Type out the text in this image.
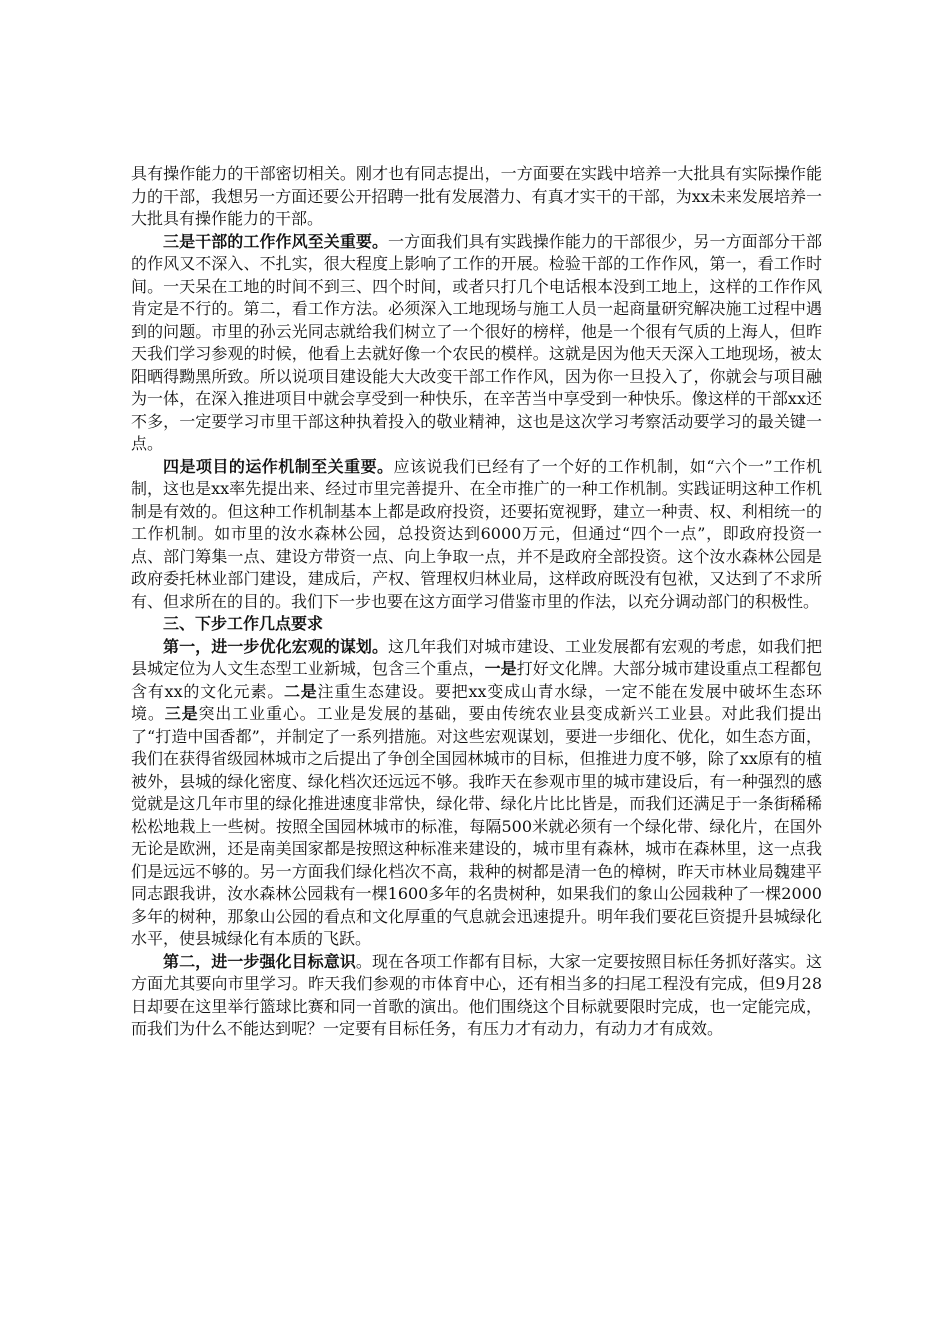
具有操作能力的干部密切相关。刚才也有同志提出，一方面要在实践中培养一大批具有实际操作能力的干部，我想另一方面还要公开招聘一批有发展潜力、有真才实干的干部，为xx未来发展培养一大批具有操作能力的干部。

三是干部的工作作风至关重要。一方面我们具有实践操作能力的干部很少，另一方面部分干部的作风又不深入、不扎实，很大程度上影响了工作的开展。检验干部的工作作风，第一，看工作时间。一天呆在工地的时间不到三、四个时间，或者只打几个电话根本没到工地上，这样的工作作风肯定是不行的。第二，看工作方法。必须深入工地现场与施工人员一起商量研究解决施工过程中遇到的问题。市里的孙云光同志就给我们树立了一个很好的榜样，他是一个很有气质的上海人，但昨天我们学习参观的时候，他看上去就好像一个农民的模样。这就是因为他天天深入工地现场，被太阳晒得黝黑所致。所以说项目建设能大大改变干部工作作风，因为你一旦投入了，你就会与项目融为一体，在深入推进项目中就会享受到一种快乐，在辛苦当中享受到一种快乐。像这样的干部xx还不多，一定要学习市里干部这种执着投入的敬业精神，这也是这次学习考察活动要学习的最关键一点。

四是项目的运作机制至关重要。应该说我们已经有了一个好的工作机制，如“六个一”工作机制，这也是xx率先提出来、经过市里完善提升、在全市推广的一种工作机制。实践证明这种工作机制是有效的。但这种工作机制基本上都是政府投资，还要拓宽视野，建立一种责、权、利相统一的工作机制。如市里的汝水森林公园，总投资达到6000万元，但通过“四个一点”，即政府投资一点、部门筹集一点、建设方带资一点、向上争取一点，并不是政府全部投资。这个汝水森林公园是政府委托林业部门建设，建成后，产权、管理权归林业局，这样政府既没有包袱，又达到了不求所有、但求所在的目的。我们下一步也要在这方面学习借鉴市里的作法，以充分调动部门的积极性。

三、下步工作几点要求

第一，进一步优化宏观的谋划。这几年我们对城市建设、工业发展都有宏观的考虑，如我们把县城定位为人文生态型工业新城，包含三个重点，一是打好文化牌。大部分城市建设重点工程都包含有xx的文化元素。二是注重生态建设。要把xx变成山青水绿，一定不能在发展中破坏生态环境。三是突出工业重心。工业是发展的基础，要由传统农业县变成新兴工业县。对此我们提出了“打造中国香都”，并制定了一系列措施。对这些宏观谋划，要进一步细化、优化，如生态方面，我们在获得省级园林城市之后提出了争创全国园林城市的目标，但推进力度不够，除了xx原有的植被外，县城的绿化密度、绿化档次还远远不够。我昨天在参观市里的城市建设后，有一种强烈的感觉就是这几年市里的绿化推进速度非常快，绿化带、绿化片比比皆是，而我们还满足于一条街稀稀松松地栽上一些树。按照全国园林城市的标准，每隔500米就必须有一个绿化带、绿化片，在国外无论是欧洲，还是南美国家都是按照这种标准来建设的，城市里有森林，城市在森林里，这一点我们是远远不够的。另一方面我们绿化档次不高，栽种的树都是清一色的樟树，昨天市林业局魏建平同志跟我讲，汝水森林公园栽有一棵1600多年的名贵树种，如果我们的象山公园栽种了一棵2000多年的树种，那象山公园的看点和文化厚重的气息就会迅速提升。明年我们要花巨资提升县城绿化水平，使县城绿化有本质的飞跃。

第二，进一步强化目标意识。现在各项工作都有目标，大家一定要按照目标任务抓好落实。这方面尤其要向市里学习。昨天我们参观的市体育中心，还有相当多的扫尾工程没有完成，但9月28日却要在这里举行篮球比赛和同一首歌的演出。他们围绕这个目标就要限时完成，也一定能完成，而我们为什么不能达到呢？一定要有目标任务，有压力才有动力，有动力才有成效。
